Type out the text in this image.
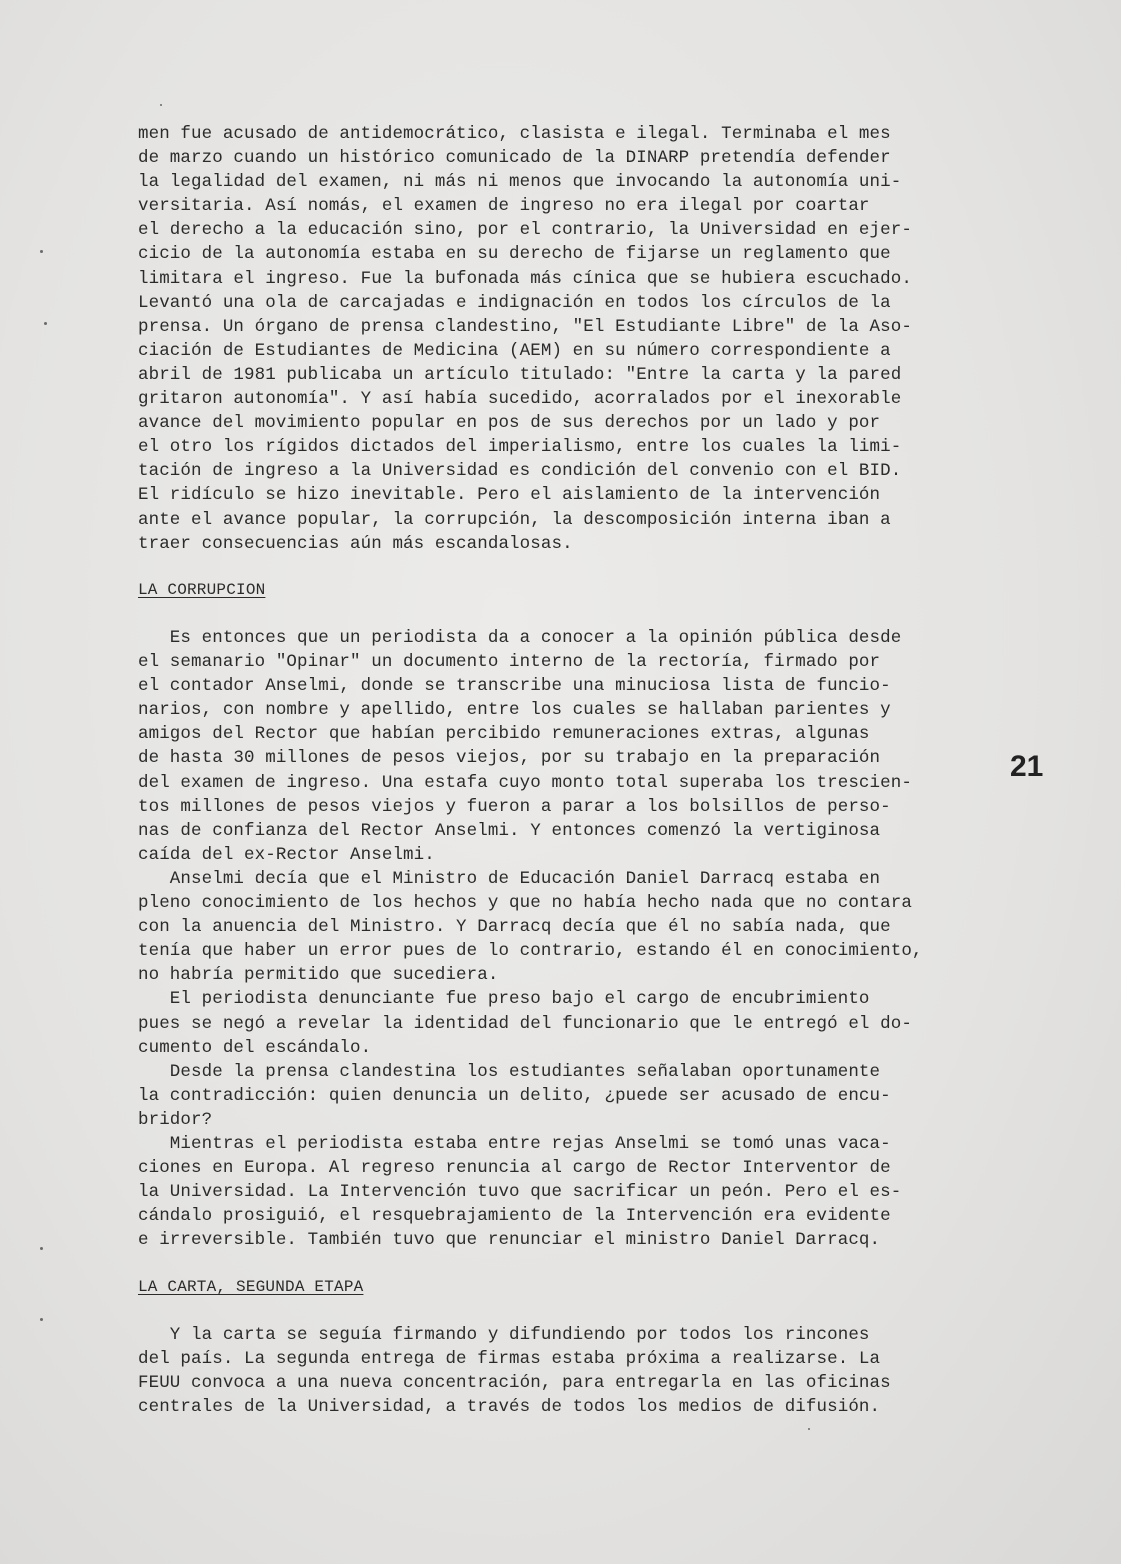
men fue acusado de antidemocrático, clasista e ilegal. Terminaba el mes
de marzo cuando un histórico comunicado de la DINARP pretendía defender
la legalidad del examen, ni más ni menos que invocando la autonomía uni-
versitaria. Así nomás, el examen de ingreso no era ilegal por coartar
el derecho a la educación sino, por el contrario, la Universidad en ejer-
cicio de la autonomía estaba en su derecho de fijarse un reglamento que
limitara el ingreso. Fue la bufonada más cínica que se hubiera escuchado.
Levantó una ola de carcajadas e indignación en todos los círculos de la
prensa. Un órgano de prensa clandestino, "El Estudiante Libre" de la Aso-
ciación de Estudiantes de Medicina (AEM) en su número correspondiente a
abril de 1981 publicaba un artículo titulado: "Entre la carta y la pared
gritaron autonomía". Y así había sucedido, acorralados por el inexorable
avance del movimiento popular en pos de sus derechos por un lado y por
el otro los rígidos dictados del imperialismo, entre los cuales la limi-
tación de ingreso a la Universidad es condición del convenio con el BID.
El ridículo se hizo inevitable. Pero el aislamiento de la intervención
ante el avance popular, la corrupción, la descomposición interna iban a
traer consecuencias aún más escandalosas.
LA CORRUPCION
Es entonces que un periodista da a conocer a la opinión pública desde
el semanario "Opinar" un documento interno de la rectoría, firmado por
el contador Anselmi, donde se transcribe una minuciosa lista de funcio-
narios, con nombre y apellido, entre los cuales se hallaban parientes y
amigos del Rector que habían percibido remuneraciones extras, algunas
de hasta 30 millones de pesos viejos, por su trabajo en la preparación
del examen de ingreso. Una estafa cuyo monto total superaba los trescien-
tos millones de pesos viejos y fueron a parar a los bolsillos de perso-
nas de confianza del Rector Anselmi. Y entonces comenzó la vertiginosa
caída del ex-Rector Anselmi.
Anselmi decía que el Ministro de Educación Daniel Darracq estaba en
pleno conocimiento de los hechos y que no había hecho nada que no contara
con la anuencia del Ministro. Y Darracq decía que él no sabía nada, que
tenía que haber un error pues de lo contrario, estando él en conocimiento,
no habría permitido que sucediera.
El periodista denunciante fue preso bajo el cargo de encubrimiento
pues se negó a revelar la identidad del funcionario que le entregó el do-
cumento del escándalo.
Desde la prensa clandestina los estudiantes señalaban oportunamente
la contradicción: quien denuncia un delito, ¿puede ser acusado de encu-
bridor?
Mientras el periodista estaba entre rejas Anselmi se tomó unas vaca-
ciones en Europa. Al regreso renuncia al cargo de Rector Interventor de
la Universidad. La Intervención tuvo que sacrificar un peón. Pero el es-
cándalo prosiguió, el resquebrajamiento de la Intervención era evidente
e irreversible. También tuvo que renunciar el ministro Daniel Darracq.
LA CARTA, SEGUNDA ETAPA
Y la carta se seguía firmando y difundiendo por todos los rincones
del país. La segunda entrega de firmas estaba próxima a realizarse. La
FEUU convoca a una nueva concentración, para entregarla en las oficinas
centrales de la Universidad, a través de todos los medios de difusión.
21
